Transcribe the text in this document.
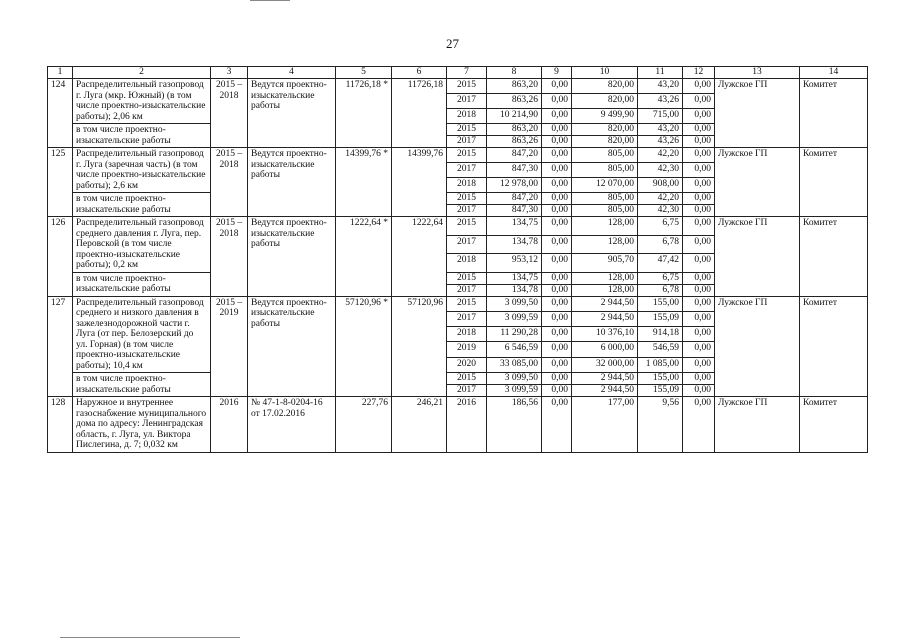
27
1	2	3	4	5	6	7	8	9	10	11	12	13	14
124	Распределительный газопровод г. Луга (мкр. Южный) (в том числе проектно-изыскательские работы); 2,06 км	2015 – 2018	Ведутся проектно-изыскательские работы	11726,18 *	11726,18	2015	863,20	0,00	820,00	43,20	0,00	Лужское ГП	Комитет
						2017	863,26	0,00	820,00	43,26	0,00		
						2018	10 214,90	0,00	9 499,90	715,00	0,00		
	в том числе проектно-изыскательские работы					2015	863,20	0,00	820,00	43,20	0,00		
						2017	863,26	0,00	820,00	43,26	0,00		
125	Распределительный газопровод г. Луга (заречная часть) (в том числе проектно-изыскательские работы); 2,6 км	2015 – 2018	Ведутся проектно-изыскательские работы	14399,76 *	14399,76	2015	847,20	0,00	805,00	42,20	0,00	Лужское ГП	Комитет
						2017	847,30	0,00	805,00	42,30	0,00		
						2018	12 978,00	0,00	12 070,00	908,00	0,00		
	в том числе проектно-изыскательские работы					2015	847,20	0,00	805,00	42,20	0,00		
						2017	847,30	0,00	805,00	42,30	0,00		
126	Распределительный газопровод среднего давления г. Луга, пер. Перовской (в том числе проектно-изыскательские работы); 0,2 км	2015 – 2018	Ведутся проектно-изыскательские работы	1222,64 *	1222,64	2015	134,75	0,00	128,00	6,75	0,00	Лужское ГП	Комитет
						2017	134,78	0,00	128,00	6,78	0,00		
						2018	953,12	0,00	905,70	47,42	0,00		
	в том числе проектно-изыскательские работы					2015	134,75	0,00	128,00	6,75	0,00		
						2017	134,78	0,00	128,00	6,78	0,00		
127	Распределительный газопровод среднего и низкого давления в зажелезнодорожной части г. Луга (от пер. Белозерский до ул. Горная) (в том числе проектно-изыскательские работы); 10,4 км	2015 – 2019	Ведутся проектно-изыскательские работы	57120,96 *	57120,96	2015	3 099,50	0,00	2 944,50	155,00	0,00	Лужское ГП	Комитет
						2017	3 099,59	0,00	2 944,50	155,09	0,00		
						2018	11 290,28	0,00	10 376,10	914,18	0,00		
						2019	6 546,59	0,00	6 000,00	546,59	0,00		
						2020	33 085,00	0,00	32 000,00	1 085,00	0,00		
	в том числе проектно-изыскательские работы					2015	3 099,50	0,00	2 944,50	155,00	0,00		
						2017	3 099,59	0,00	2 944,50	155,09	0,00		
128	Наружное и внутреннее газоснабжение муниципального дома по адресу: Ленинградская область, г. Луга, ул. Виктора Пислегина, д. 7; 0,032 км	2016	№ 47-1-8-0204-16 от 17.02.2016	227,76	246,21	2016	186,56	0,00	177,00	9,56	0,00	Лужское ГП	Комитет
